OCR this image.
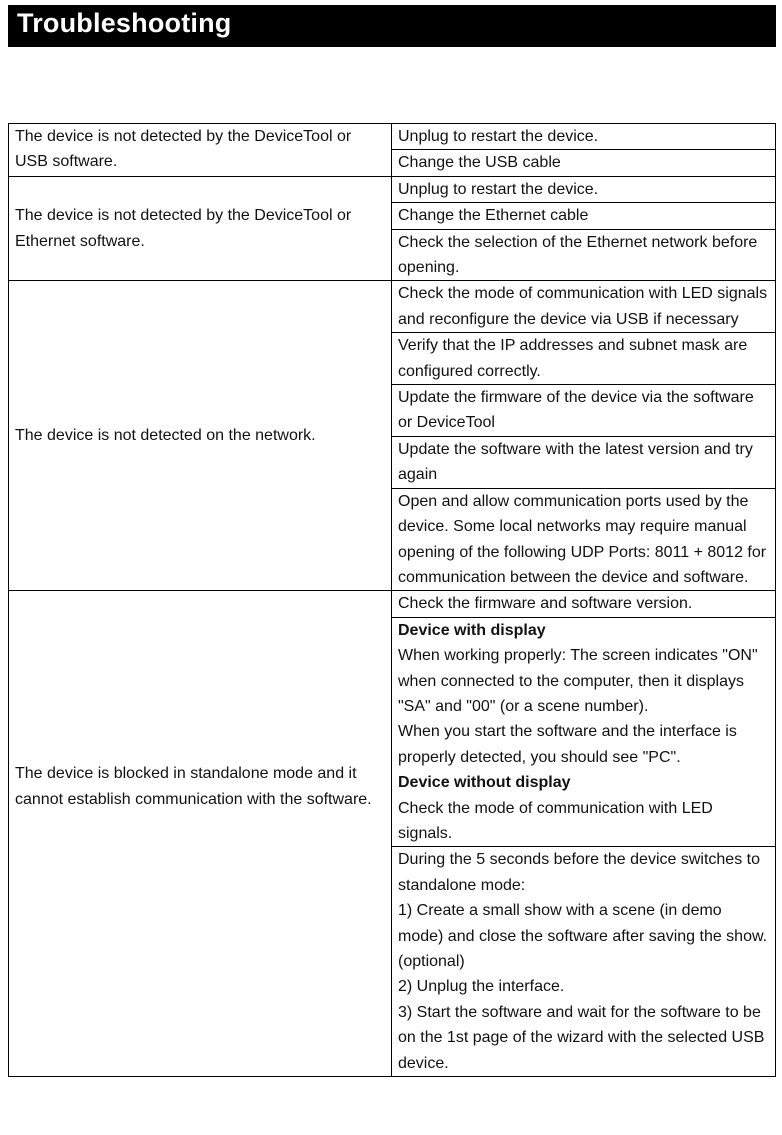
Troubleshooting
The device is not detected by the DeviceTool or USB software.	Unplug to restart the device.
	Change the USB cable
The device is not detected by the DeviceTool or Ethernet software.	Unplug to restart the device.
	Change the Ethernet cable
	Check the selection of the Ethernet network before opening.
The device is not detected on the network.	Check the mode of communication with LED signals and reconfigure the device via USB if necessary
	Verify that the IP addresses and subnet mask are configured correctly.
	Update the firmware of the device via the software or DeviceTool
	Update the software with the latest version and try again
	Open and allow communication ports used by the device. Some local networks may require manual opening of the following UDP Ports: 8011 + 8012 for communication between the device and software.

The device is blocked in standalone mode and it cannot establish communication with the software.	Check the firmware and software version.

	Device with display
When working properly: The screen indicates "ON" when connected to the computer, then it displays "SA" and "00" (or a scene number).
When you start the software and the interface is properly detected, you should see "PC".
Device without display
Check the mode of communication with LED signals.

	During the 5 seconds before the device switches to standalone mode:
1) Create a small show with a scene (in demo mode) and close the software after saving the show.(optional)
2) Unplug the interface.
3) Start the software and wait for the software to be on the 1st page of the wizard with the selected USB device.
